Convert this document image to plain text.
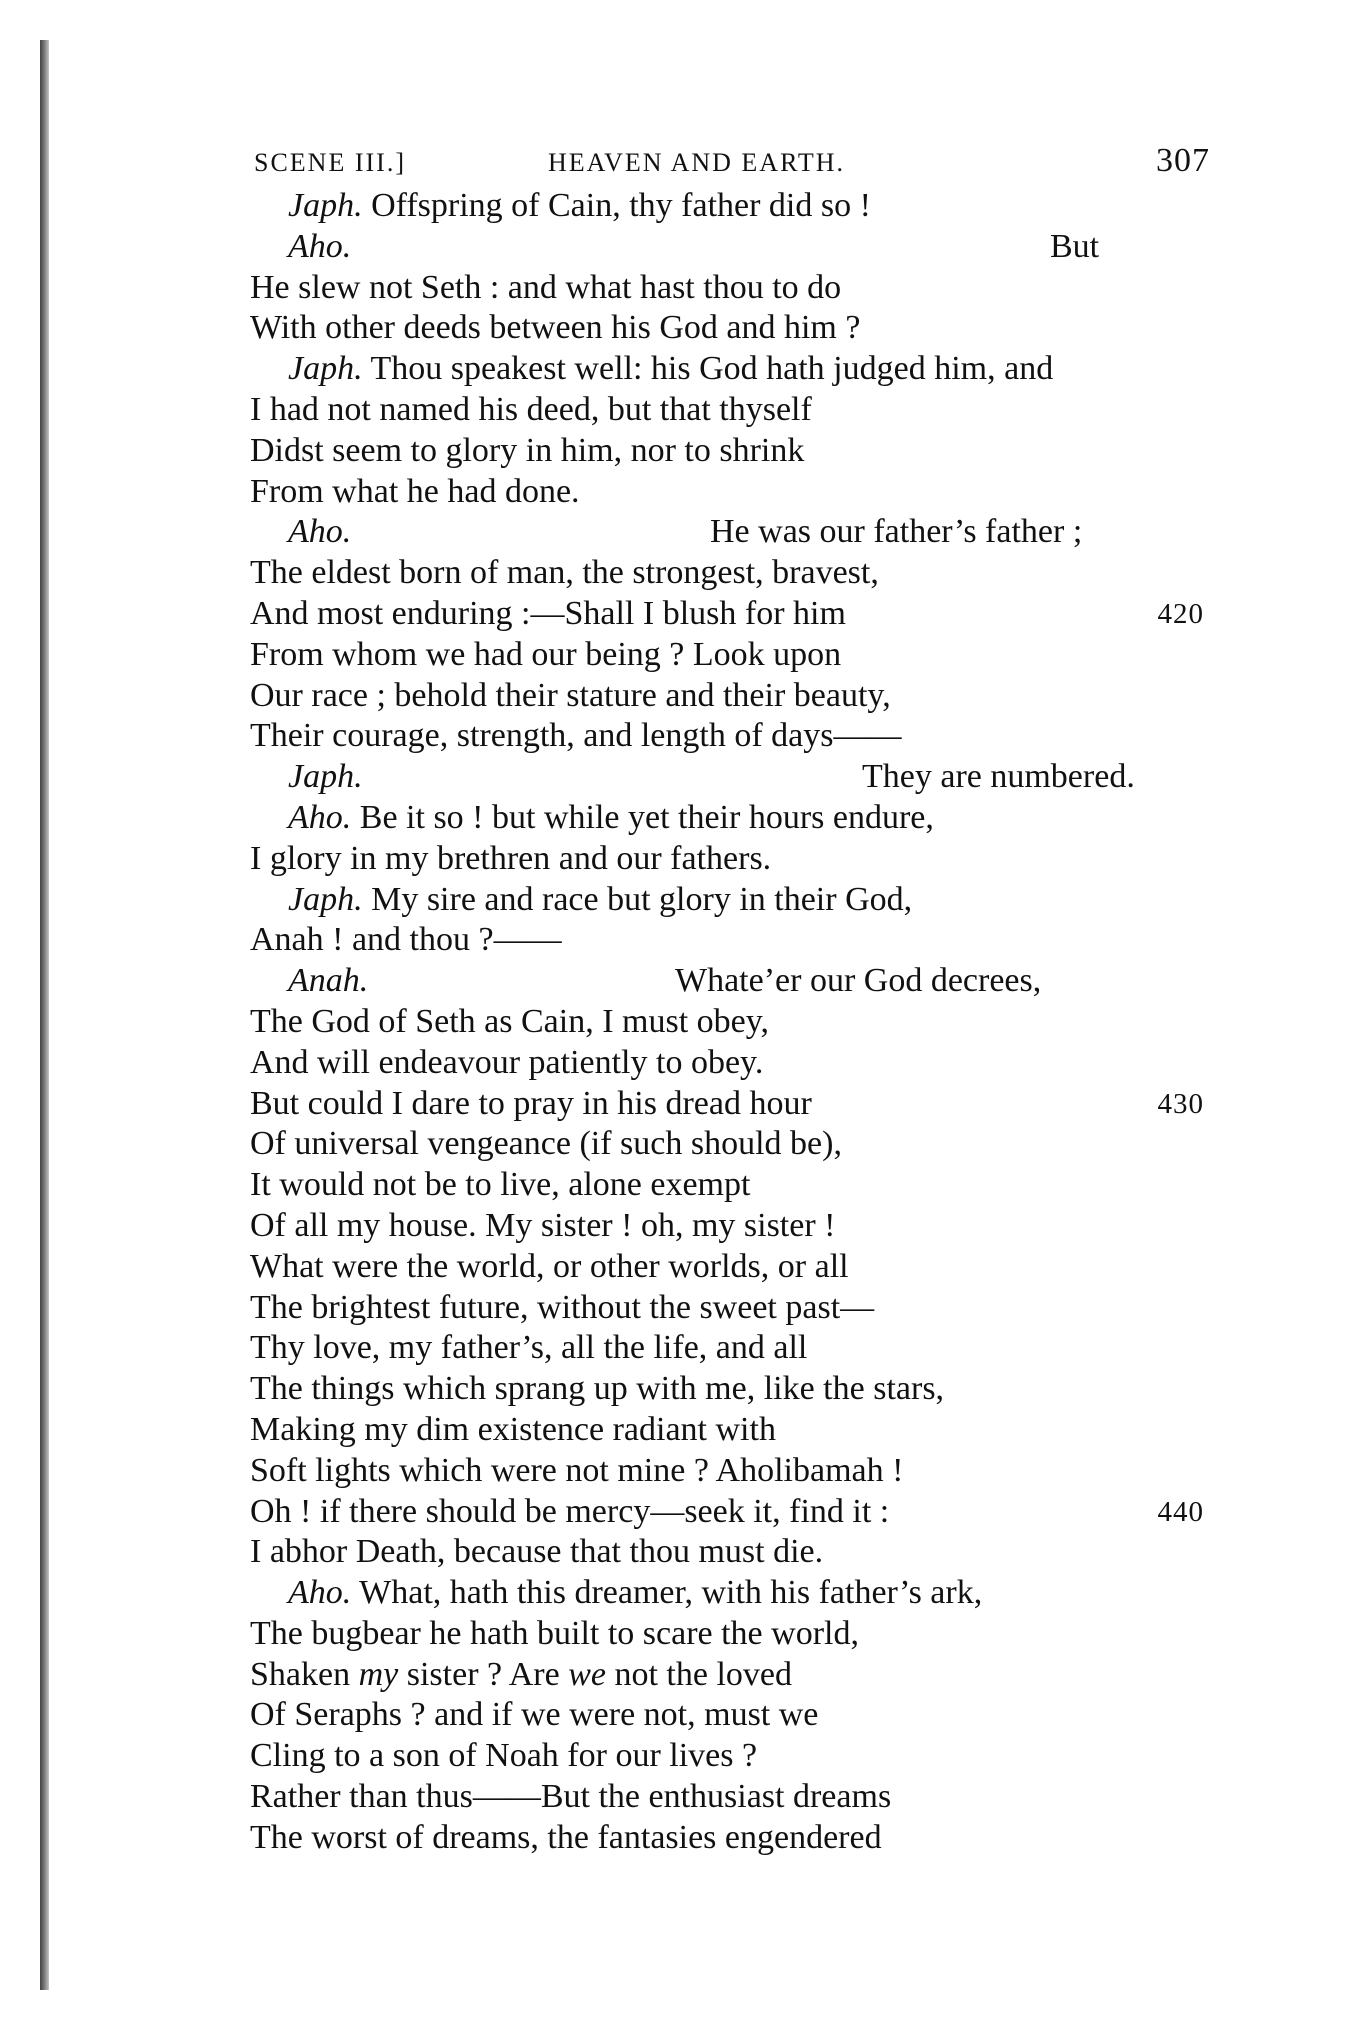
SCENE III.]	HEAVEN AND EARTH.	307
Japh. Offspring of Cain, thy father did so !
Aho.	But
He slew not Seth : and what hast thou to do
With other deeds between his God and him ?
Japh. Thou speakest well: his God hath judged him, and
I had not named his deed, but that thyself
Didst seem to glory in him, nor to shrink
From what he had done.
Aho.	He was our father’s father ;
The eldest born of man, the strongest, bravest,
And most enduring :—Shall I blush for him	420
From whom we had our being ? Look upon
Our race ; behold their stature and their beauty,
Their courage, strength, and length of days——
Japh.	They are numbered.
Aho. Be it so ! but while yet their hours endure,
I glory in my brethren and our fathers.
Japh. My sire and race but glory in their God,
Anah ! and thou ?——
Anah.	Whate’er our God decrees,
The God of Seth as Cain, I must obey,
And will endeavour patiently to obey.
But could I dare to pray in his dread hour	430
Of universal vengeance (if such should be),
It would not be to live, alone exempt
Of all my house. My sister ! oh, my sister !
What were the world, or other worlds, or all
The brightest future, without the sweet past—
Thy love, my father’s, all the life, and all
The things which sprang up with me, like the stars,
Making my dim existence radiant with
Soft lights which were not mine ? Aholibamah !
Oh ! if there should be mercy—seek it, find it :	440
I abhor Death, because that thou must die.
Aho. What, hath this dreamer, with his father’s ark,
The bugbear he hath built to scare the world,
Shaken my sister ? Are we not the loved
Of Seraphs ? and if we were not, must we
Cling to a son of Noah for our lives ?
Rather than thus——But the enthusiast dreams
The worst of dreams, the fantasies engendered
